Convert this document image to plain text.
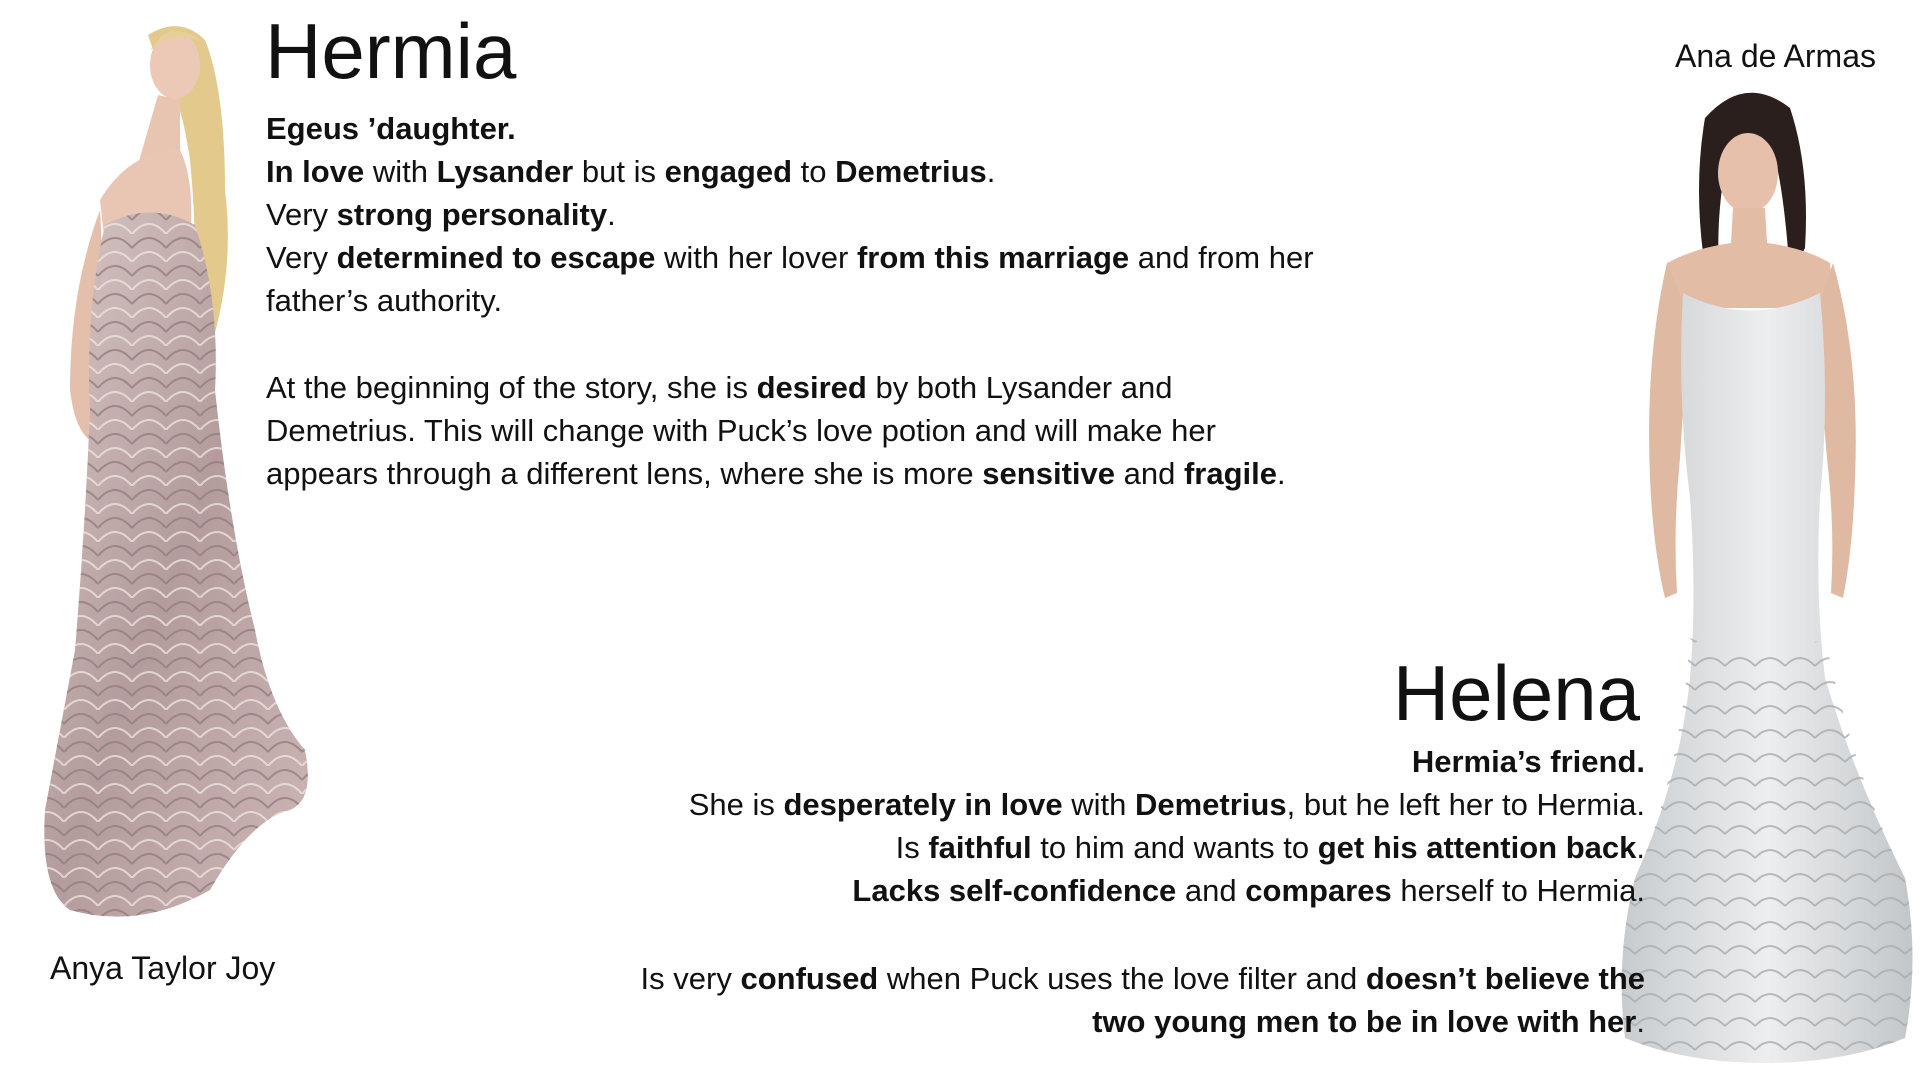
Anya Taylor Joy
Ana de Armas
Hermia
Egeus ’daughter.
In love with Lysander but is engaged to Demetrius.
Very strong personality.
Very determined to escape with her lover from this marriage and from her
father’s authority.
At the beginning of the story, she is desired by both Lysander and
Demetrius. This will change with Puck’s love potion and will make her
appears through a different lens, where she is more sensitive and fragile.
Helena
Hermia’s friend.
She is desperately in love with Demetrius, but he left her to Hermia.
Is faithful to him and wants to get his attention back.
Lacks self-confidence and compares herself to Hermia.
Is very confused when Puck uses the love filter and doesn’t believe the
two young men to be in love with her.
